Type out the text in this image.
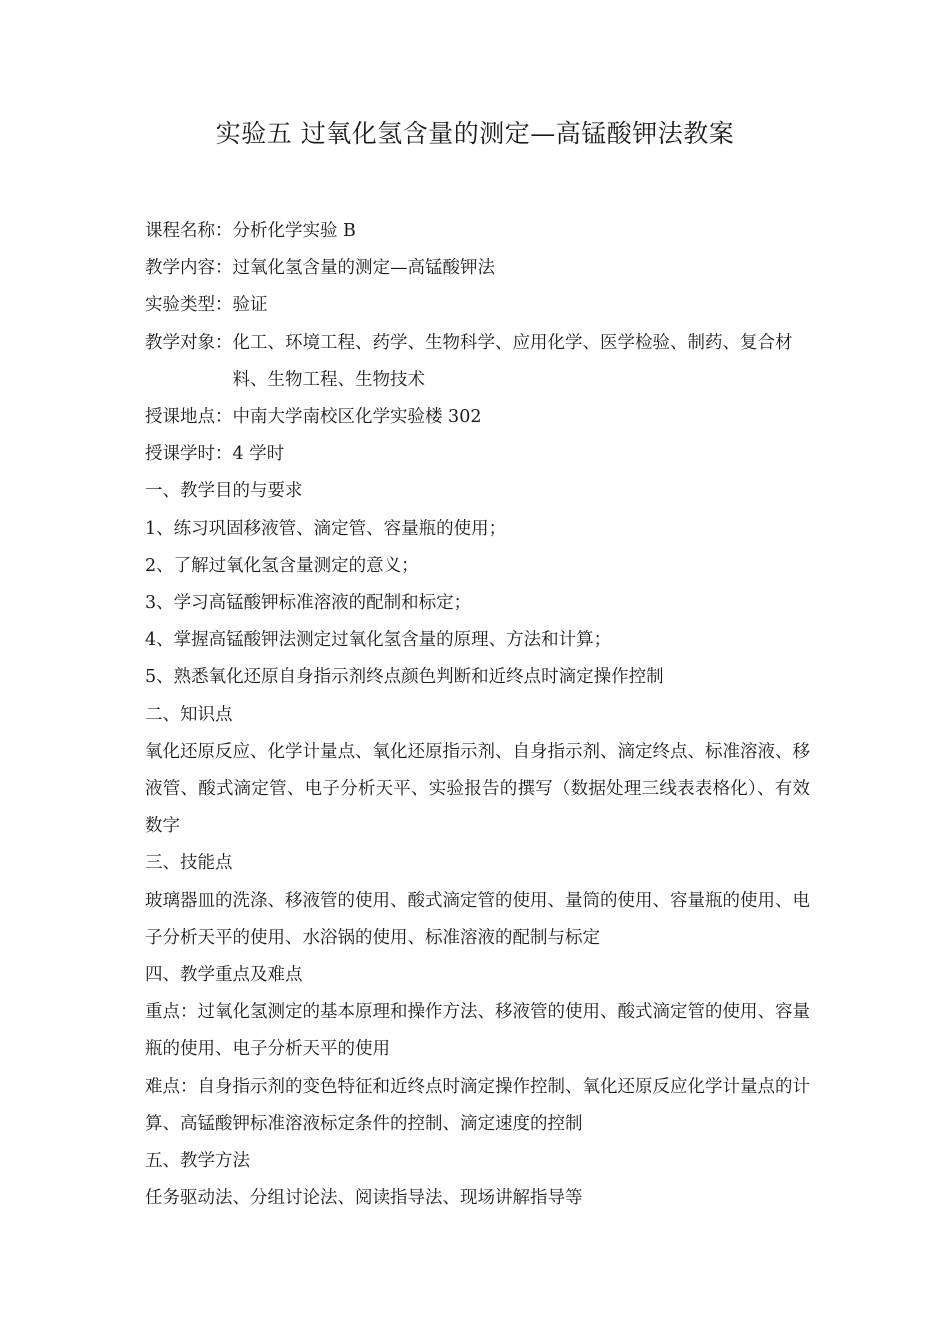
实验五 过氧化氢含量的测定—高锰酸钾法教案
课程名称： 分析化学实验 B
教学内容： 过氧化氢含量的测定—高锰酸钾法
实验类型： 验证
教学对象： 化工、环境工程、药学、生物科学、应用化学、医学检验、制药、复合材料、生物工程、生物技术
授课地点： 中南大学南校区化学实验楼 302
授课学时： 4 学时
一、教学目的与要求
1、练习巩固移液管、滴定管、容量瓶的使用；
2、了解过氧化氢含量测定的意义；
3、学习高锰酸钾标准溶液的配制和标定；
4、掌握高锰酸钾法测定过氧化氢含量的原理、方法和计算；
5、熟悉氧化还原自身指示剂终点颜色判断和近终点时滴定操作控制
二、知识点
氧化还原反应、化学计量点、氧化还原指示剂、自身指示剂、滴定终点、标准溶液、移液管、酸式滴定管、电子分析天平、实验报告的撰写（数据处理三线表表格化）、有效数字
三、技能点
玻璃器皿的洗涤、移液管的使用、酸式滴定管的使用、量筒的使用、容量瓶的使用、电子分析天平的使用、水浴锅的使用、标准溶液的配制与标定
四、教学重点及难点
重点：过氧化氢测定的基本原理和操作方法、移液管的使用、酸式滴定管的使用、容量瓶的使用、电子分析天平的使用
难点：自身指示剂的变色特征和近终点时滴定操作控制、氧化还原反应化学计量点的计算、高锰酸钾标准溶液标定条件的控制、滴定速度的控制
五、教学方法
任务驱动法、分组讨论法、阅读指导法、现场讲解指导等
